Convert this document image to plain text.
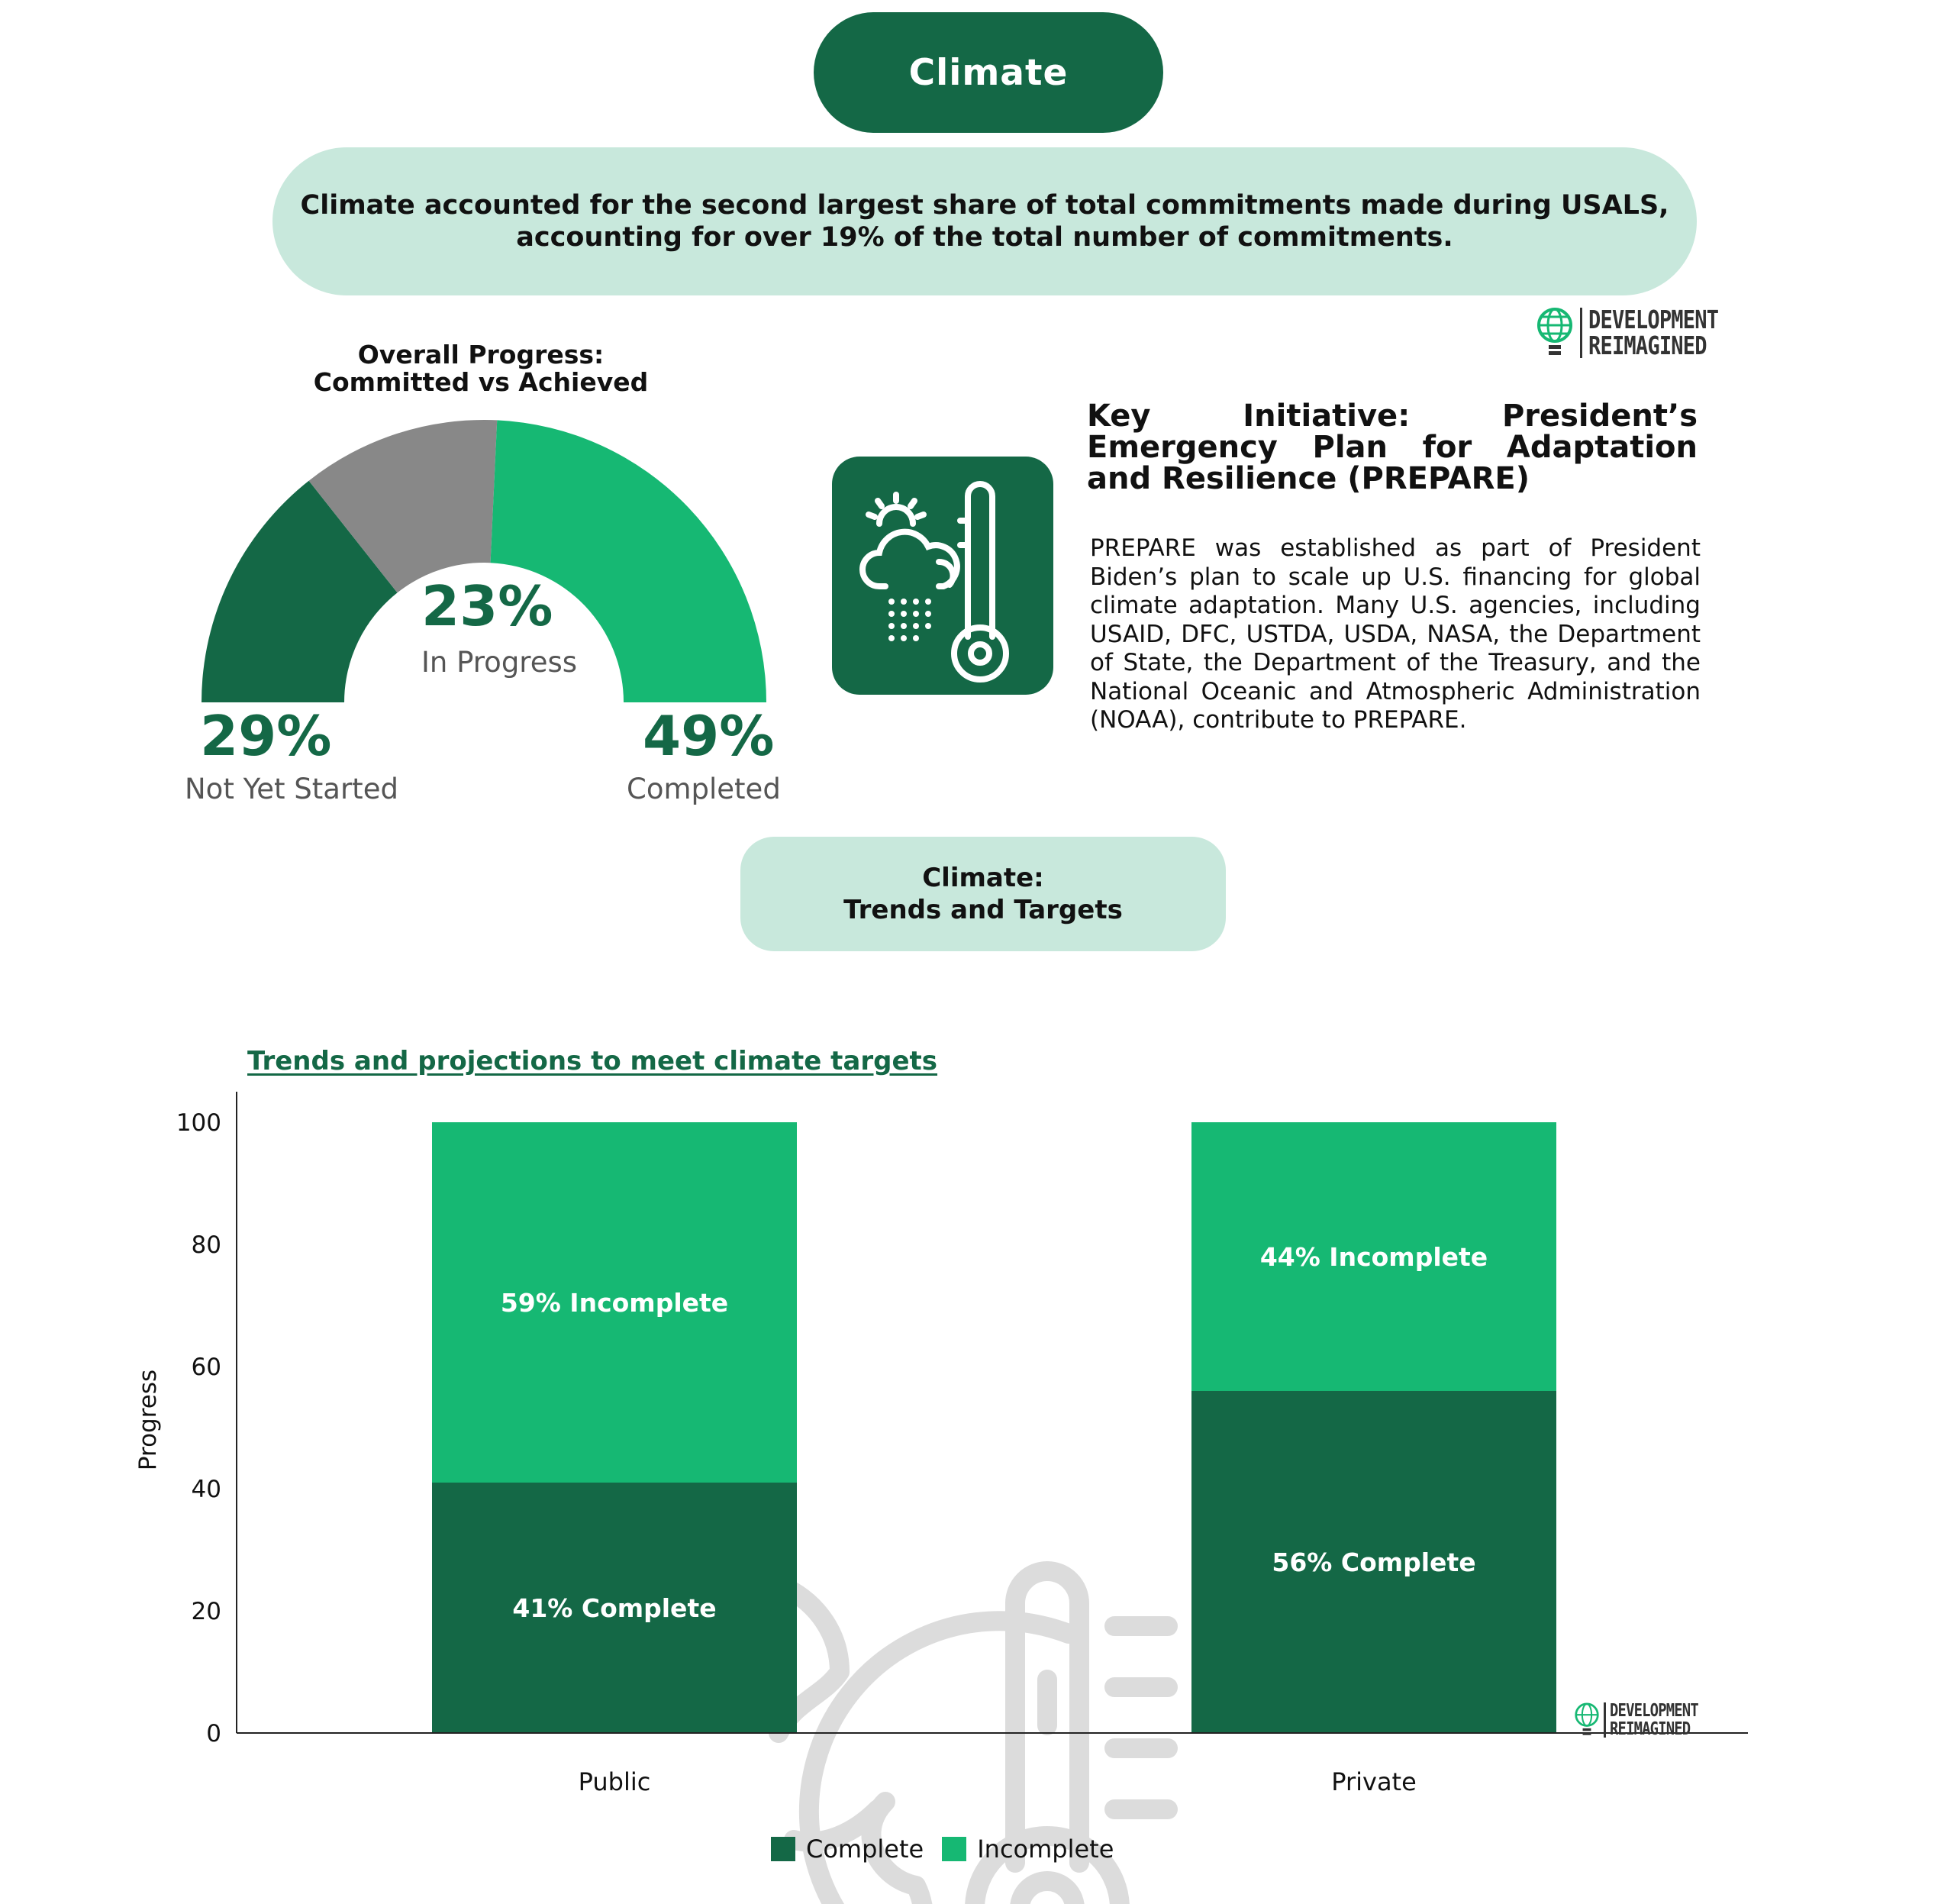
Climate
Climate accounted for the second largest share of total commitments made during USALS,
accounting for over 19% of the total number of commitments.
DEVELOPMENT
REIMAGINED
Overall Progress:
Committed vs Achieved
23%
In Progress
29%
Not Yet Started
49%
Completed
Key Initiative: President’s Emergency Plan for Adaptation and Resilience (PREPARE)
PREPARE was established as part of President Biden’s plan to scale up U.S. financing for global climate adaptation. Many U.S. agencies, including USAID, DFC, USTDA, USDA, NASA, the Department of State, the Department of the Treasury, and the National Oceanic and Atmospheric Administration (NOAA), contribute to PREPARE.
Climate:
Trends and Targets
Trends and projections to meet climate targets
0
20
40
60
80
100
41% Complete
59% Incomplete
Public
56% Complete
44% Incomplete
Private
Progress
DEVELOPMENT
REIMAGINED
Complete Incomplete
